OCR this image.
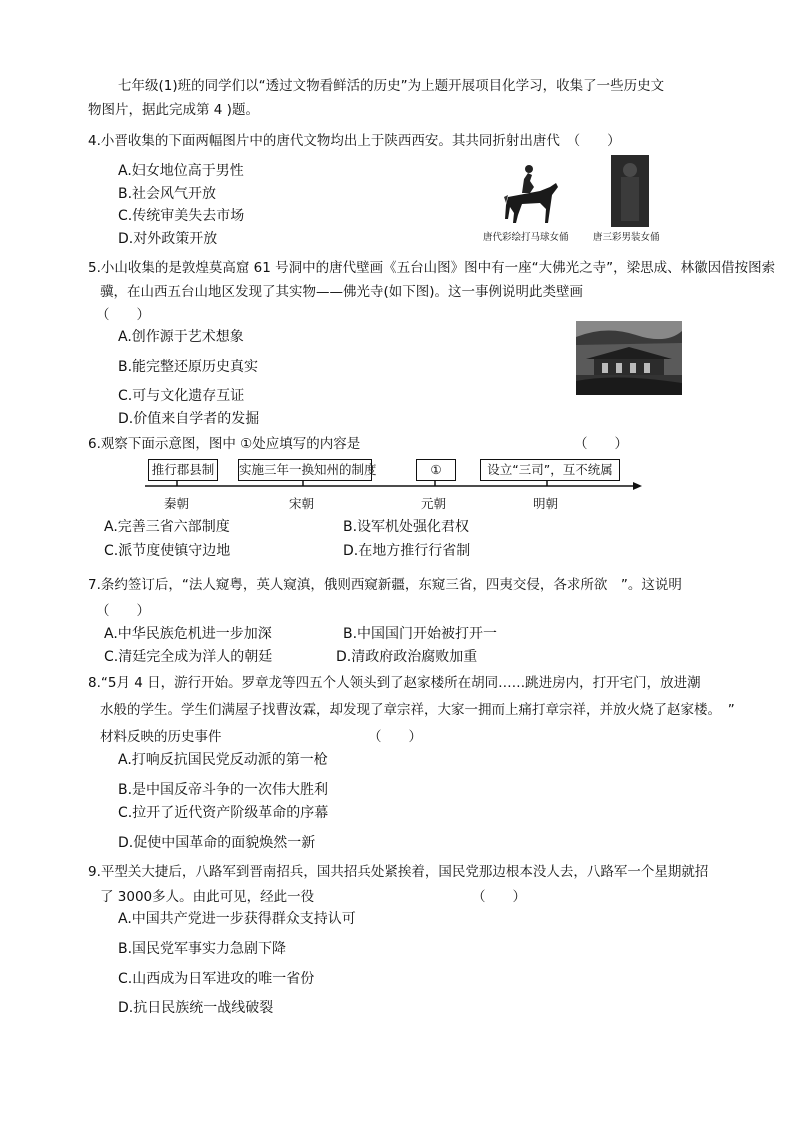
七年级(1)班的同学们以“透过文物看鲜活的历史”为上题开展项目化学习，收集了一些历史文
物图片，据此完成第 4 )题。
4.小晋收集的下面两幅图片中的唐代文物均出上于陕西西安。其共同折射出唐代　（　　）
A.妇女地位高于男性
B.社会风气开放
C.传统审美失去市场
D.对外政策开放	唐代彩绘打马球女俑	唐三彩男装女俑
5.小山收集的是敦煌莫高窟 61 号洞中的唐代壁画《五台山图》图中有一座“大佛光之寺”，梁思成、林徽因借按图索
骥，在山西五台山地区发现了其实物——佛光寺(如下图)。这一事例说明此类壁画
（　　）
A.创作源于艺术想象
B.能完整还原历史真实
C.可与文化遗存互证
D.价值来自学者的发掘
6.观察下面示意图，图中 ①处应填写的内容是	（　　）
推行郡县制	实施三年一换知州的制度	①	设立“三司”，互不统属
秦朝	宋朝	元朝	明朝
A.完善三省六部制度	B.设军机处强化君权
C.派节度使镇守边地	D.在地方推行行省制
7.条约签订后，“法人窥粤，英人窥滇，俄则西窥新疆，东窥三省，四夷交侵，各求所欲　”。这说明
（　　）
A.中华民族危机进一步加深	B.中国国门开始被打开一
C.清廷完全成为洋人的朝廷	D.清政府政治腐败加重
8.“5月 4 日，游行开始。罗章龙等四五个人领头到了赵家楼所在胡同……跳进房内，打开宅门，放进潮
水般的学生。学生们满屋子找曹汝霖，却发现了章宗祥，大家一拥而上痛打章宗祥，并放火烧了赵家楼。　”
材料反映的历史事件	（　　）
A.打响反抗国民党反动派的第一枪
B.是中国反帝斗争的一次伟大胜利
C.拉开了近代资产阶级革命的序幕
D.促使中国革命的面貌焕然一新
9.平型关大捷后，八路军到晋南招兵，国共招兵处紧挨着，国民党那边根本没人去，八路军一个星期就招
了 3000多人。由此可见，经此一役	（　　）
A.中国共产党进一步获得群众支持认可
B.国民党军事实力急剧下降
C.山西成为日军进攻的唯一省份
D.抗日民族统一战线破裂
